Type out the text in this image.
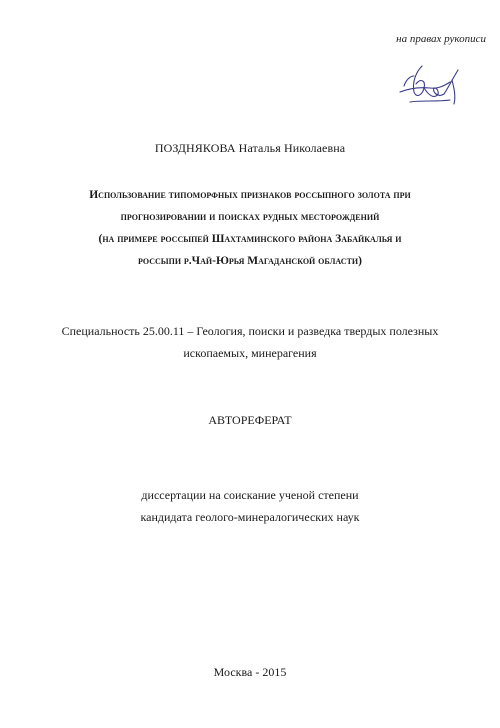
на правах рукописи
ПОЗДНЯКОВА Наталья Николаевна
Использование типоморфных признаков россыпного золота при
прогнозировании и поисках рудных месторождений
(на примере россыпей Шахтаминского района Забайкалья и
россыпи р.Чай-Юрья Магаданской области)
Специальность 25.00.11 – Геология, поиски и разведка твердых полезных
ископаемых, минерагения
АВТОРЕФЕРАТ
диссертации на соискание ученой степени
кандидата геолого-минералогических наук
Москва - 2015
